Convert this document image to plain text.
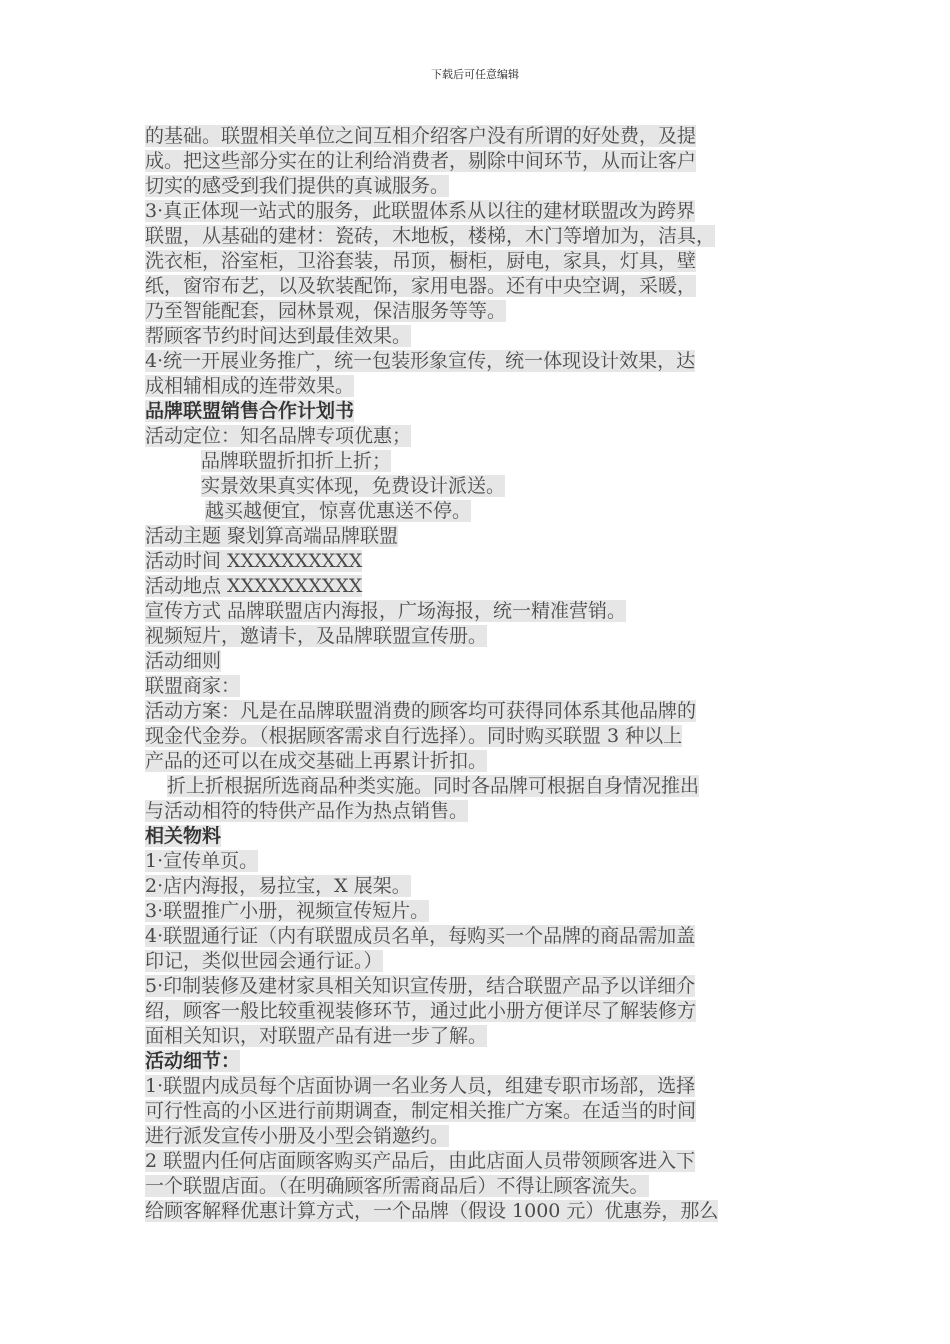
下载后可任意编辑
的基础。联盟相关单位之间互相介绍客户没有所谓的好处费，及提
成。把这些部分实在的让利给消费者，剔除中间环节，从而让客户
切实的感受到我们提供的真诚服务。
3·真正体现一站式的服务，此联盟体系从以往的建材联盟改为跨界
联盟，从基础的建材：瓷砖，木地板，楼梯，木门等增加为，洁具，
洗衣柜，浴室柜，卫浴套装，吊顶，橱柜，厨电，家具，灯具，壁
纸，窗帘布艺，以及软装配饰，家用电器。还有中央空调，采暖，
乃至智能配套，园林景观，保洁服务等等。
帮顾客节约时间达到最佳效果。
4·统一开展业务推广，统一包装形象宣传，统一体现设计效果，达
成相辅相成的连带效果。
品牌联盟销售合作计划书
活动定位：知名品牌专项优惠；
品牌联盟折扣折上折；
实景效果真实体现，免费设计派送。
越买越便宜，惊喜优惠送不停。
活动主题 聚划算高端品牌联盟
活动时间 XXXXXXXXXX
活动地点 XXXXXXXXXX
宣传方式 品牌联盟店内海报，广场海报，统一精准营销。
视频短片，邀请卡，及品牌联盟宣传册。
活动细则
联盟商家：
活动方案：凡是在品牌联盟消费的顾客均可获得同体系其他品牌的
现金代金券。（根据顾客需求自行选择）。同时购买联盟 3 种以上
产品的还可以在成交基础上再累计折扣。
折上折根据所选商品种类实施。同时各品牌可根据自身情况推出
与活动相符的特供产品作为热点销售。
相关物料
1·宣传单页。
2·店内海报，易拉宝，X 展架。
3·联盟推广小册，视频宣传短片。
4·联盟通行证（内有联盟成员名单，每购买一个品牌的商品需加盖
印记，类似世园会通行证。）
5·印制装修及建材家具相关知识宣传册，结合联盟产品予以详细介
绍，顾客一般比较重视装修环节，通过此小册方便详尽了解装修方
面相关知识，对联盟产品有进一步了解。
活动细节：
1·联盟内成员每个店面协调一名业务人员，组建专职市场部，选择
可行性高的小区进行前期调查，制定相关推广方案。在适当的时间
进行派发宣传小册及小型会销邀约。
2 联盟内任何店面顾客购买产品后，由此店面人员带领顾客进入下
一个联盟店面。（在明确顾客所需商品后）不得让顾客流失。
给顾客解释优惠计算方式，一个品牌（假设 1000 元）优惠券，那么
